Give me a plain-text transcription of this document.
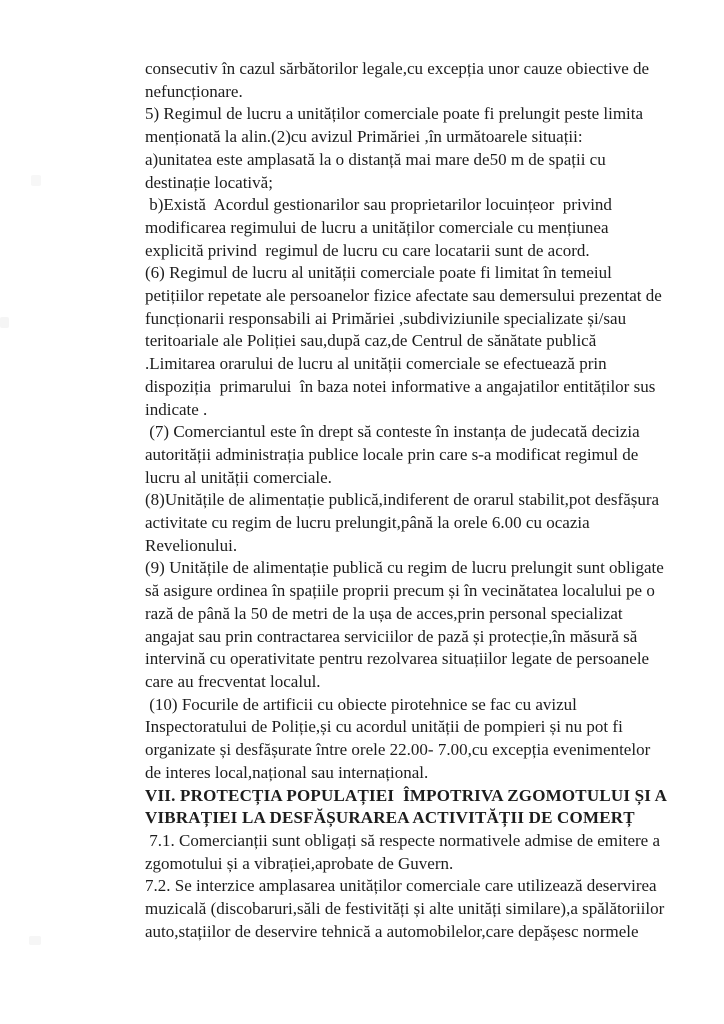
consecutiv în cazul sărbătorilor legale,cu excepția unor cauze obiective de
nefuncționare.
5) Regimul de lucru a unităților comerciale poate fi prelungit peste limita
menționată la alin.(2)cu avizul Primăriei ,în următoarele situații:
a)unitatea este amplasată la o distanță mai mare de50 m de spații cu
destinație locativă;
b)Există  Acordul gestionarilor sau proprietarilor locuințeor  privind
modificarea regimului de lucru a unităților comerciale cu mențiunea
explicită privind  regimul de lucru cu care locatarii sunt de acord.
(6) Regimul de lucru al unității comerciale poate fi limitat în temeiul
petițiilor repetate ale persoanelor fizice afectate sau demersului prezentat de
funcționarii responsabili ai Primăriei ,subdiviziunile specializate și/sau
teritoariale ale Poliției sau,după caz,de Centrul de sănătate publică
.Limitarea orarului de lucru al unității comerciale se efectuează prin
dispoziția  primarului  în baza notei informative a angajatilor entităților sus
indicate .
(7) Comerciantul este în drept să conteste în instanța de judecată decizia
autorității administrația publice locale prin care s-a modificat regimul de
lucru al unității comerciale.
(8)Unitățile de alimentație publică,indiferent de orarul stabilit,pot desfășura
activitate cu regim de lucru prelungit,până la orele 6.00 cu ocazia
Revelionului.
(9) Unitățile de alimentație publică cu regim de lucru prelungit sunt obligate
să asigure ordinea în spațiile proprii precum și în vecinătatea localului pe o
rază de până la 50 de metri de la ușa de acces,prin personal specializat
angajat sau prin contractarea serviciilor de pază și protecție,în măsură să
intervină cu operativitate pentru rezolvarea situațiilor legate de persoanele
care au frecventat localul.
(10) Focurile de artificii cu obiecte pirotehnice se fac cu avizul
Inspectoratului de Poliție,și cu acordul unității de pompieri și nu pot fi
organizate și desfășurate între orele 22.00- 7.00,cu excepția evenimentelor
de interes local,național sau internațional.
VII. PROTECȚIA POPULAȚIEI  ÎMPOTRIVA ZGOMOTULUI ȘI A
VIBRAȚIEI LA DESFĂȘURAREA ACTIVITĂȚII DE COMERȚ
7.1. Comercianții sunt obligați să respecte normativele admise de emitere a
zgomotului și a vibrației,aprobate de Guvern.
7.2. Se interzice amplasarea unităților comerciale care utilizează deservirea
muzicală (discobaruri,săli de festivități și alte unități similare),a spălătoriilor
auto,stațiilor de deservire tehnică a automobilelor,care depășesc normele
